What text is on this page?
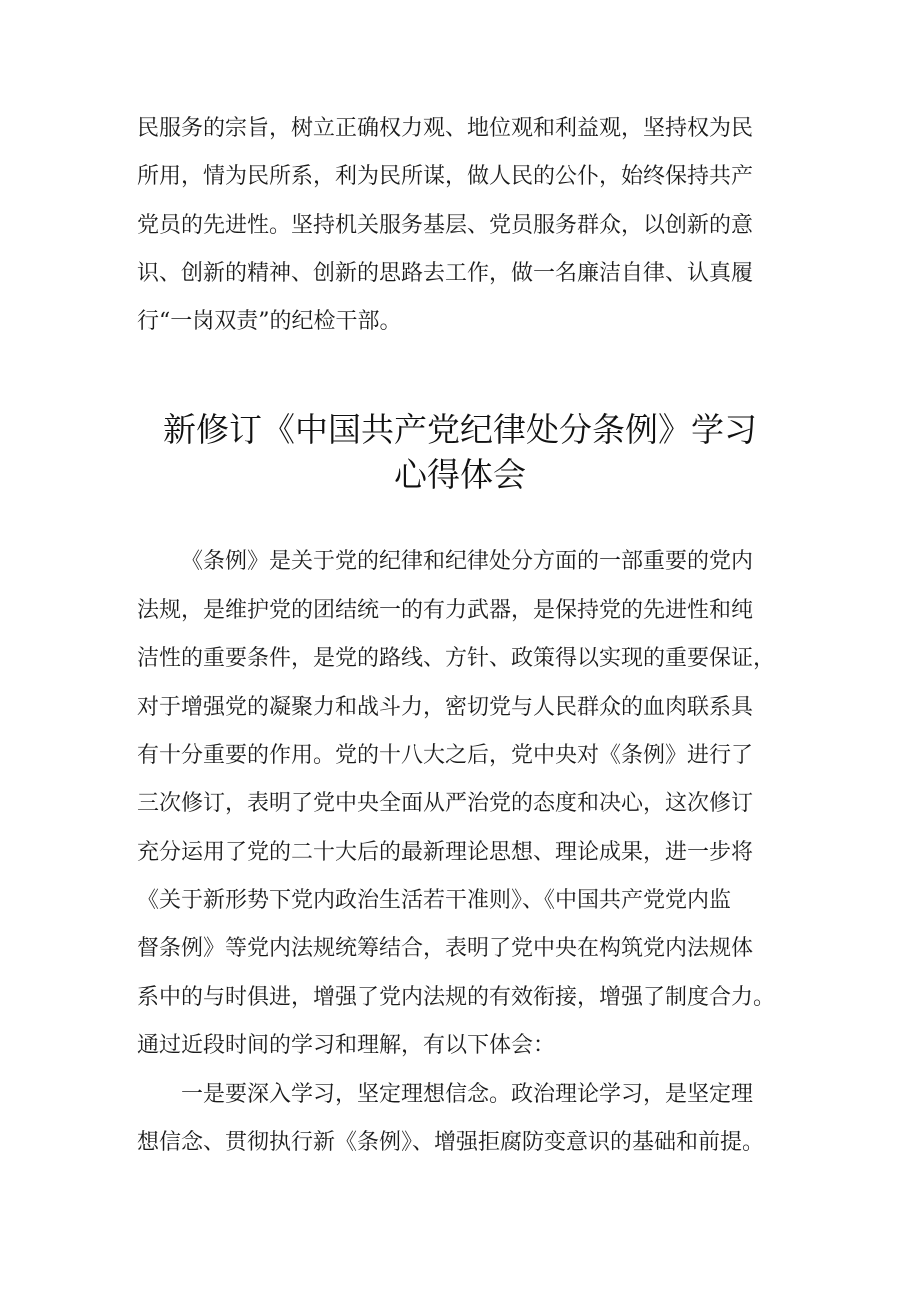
民服务的宗旨，树立正确权力观、地位观和利益观，坚持权为民
所用，情为民所系，利为民所谋，做人民的公仆，始终保持共产
党员的先进性。坚持机关服务基层、党员服务群众，以创新的意
识、创新的精神、创新的思路去工作，做一名廉洁自律、认真履
行“一岗双责”的纪检干部。
新修订《中国共产党纪律处分条例》学习
心得体会
《条例》是关于党的纪律和纪律处分方面的一部重要的党内
法规，是维护党的团结统一的有力武器，是保持党的先进性和纯
洁性的重要条件，是党的路线、方针、政策得以实现的重要保证，
对于增强党的凝聚力和战斗力，密切党与人民群众的血肉联系具
有十分重要的作用。党的十八大之后，党中央对《条例》进行了
三次修订，表明了党中央全面从严治党的态度和决心，这次修订
充分运用了党的二十大后的最新理论思想、理论成果，进一步将
《关于新形势下党内政治生活若干准则》、《中国共产党党内监
督条例》等党内法规统筹结合，表明了党中央在构筑党内法规体
系中的与时俱进，增强了党内法规的有效衔接，增强了制度合力。
通过近段时间的学习和理解，有以下体会：
一是要深入学习，坚定理想信念。政治理论学习，是坚定理
想信念、贯彻执行新《条例》、增强拒腐防变意识的基础和前提。
